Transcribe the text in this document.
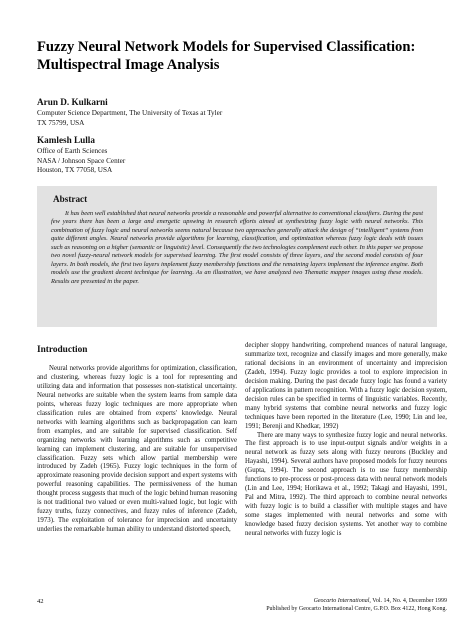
Fuzzy Neural Network Models for Supervised Classification: Multispectral Image Analysis
Arun D. Kulkarni
Computer Science Department, The University of Texas at Tyler
TX 75799, USA
Kamlesh Lulla
Office of Earth Sciences
NASA / Johnson Space Center
Houston, TX 77058, USA
Abstract

It has been well established that neural networks provide a reasonable and powerful alternative to conventional classifiers. During the past few years there has been a large and energetic upswing in research efforts aimed at synthesizing fuzzy logic with neural networks. This combination of fuzzy logic and neural networks seems natural because two approaches generally attack the design of “intelligent” systems from quite different angles. Neural networks provide algorithms for learning, classification, and optimization whereas fuzzy logic deals with issues such as reasoning on a higher (semantic or linguistic) level. Consequently the two technologies complement each other. In this paper we propose two novel fuzzy-neural network models for supervised learning. The first model consists of three layers, and the second model consists of four layers. In both models, the first two layers implement fuzzy membership functions and the remaining layers implement the inference engine. Both models use the gradient decent technique for learning. As an illustration, we have analyzed two Thematic mapper images using these models. Results are presented in the paper.

Introduction

Neural networks provide algorithms for optimization, classification, and clustering, whereas fuzzy logic is a tool for representing and utilizing data and information that possesses non-statistical uncertainty. Neural networks are suitable when the system learns from sample data points, whereas fuzzy logic techniques are more appropriate when classification rules are obtained from experts' knowledge. Neural networks with learning algorithms such as backpropagation can learn from examples, and are suitable for supervised classification. Self organizing networks with learning algorithms such as competitive learning can implement clustering, and are suitable for unsupervised classification. Fuzzy sets which allow partial membership were introduced by Zadeh (1965). Fuzzy logic techniques in the form of approximate reasoning provide decision support and expert systems with powerful reasoning capabilities. The permissiveness of the human thought process suggests that much of the logic behind human reasoning is not traditional two valued or even multi-valued logic, but logic with fuzzy truths, fuzzy connectives, and fuzzy rules of inference (Zadeh, 1973). The exploitation of tolerance for imprecision and uncertainty underlies the remarkable human ability to understand distorted speech,

decipher sloppy handwriting, comprehend nuances of natural language, summarize text, recognize and classify images and more generally, make rational decisions in an environment of uncertainty and imprecision (Zadeh, 1994). Fuzzy logic provides a tool to explore imprecision in decision making. During the past decade fuzzy logic has found a variety of applications in pattern recognition. With a fuzzy logic decision system, decision rules can be specified in terms of linguistic variables. Recently, many hybrid systems that combine neural networks and fuzzy logic techniques have been reported in the literature (Lee, 1990; Lin and lee, 1991; Berenji and Khedkar, 1992)

There are many ways to synthesize fuzzy logic and neural networks. The first approach is to use input-output signals and/or weights in a neural network as fuzzy sets along with fuzzy neurons (Buckley and Hayashi, 1994). Several authors have proposed models for fuzzy neurons (Gupta, 1994). The second approach is to use fuzzy membership functions to pre-process or post-process data with neural network models (Lin and Lee, 1994; Horikawa et al., 1992; Takagi and Hayashi, 1991, Pal and Mitra, 1992). The third approach to combine neural networks with fuzzy logic is to build a classifier with multiple stages and have some stages implemented with neural networks and some with knowledge based fuzzy decision systems. Yet another way to combine neural networks with fuzzy logic is

42	Geocarto International, Vol. 14, No. 4, December 1999
Published by Geocarto International Centre, G.P.O. Box 4122, Hong Kong.
